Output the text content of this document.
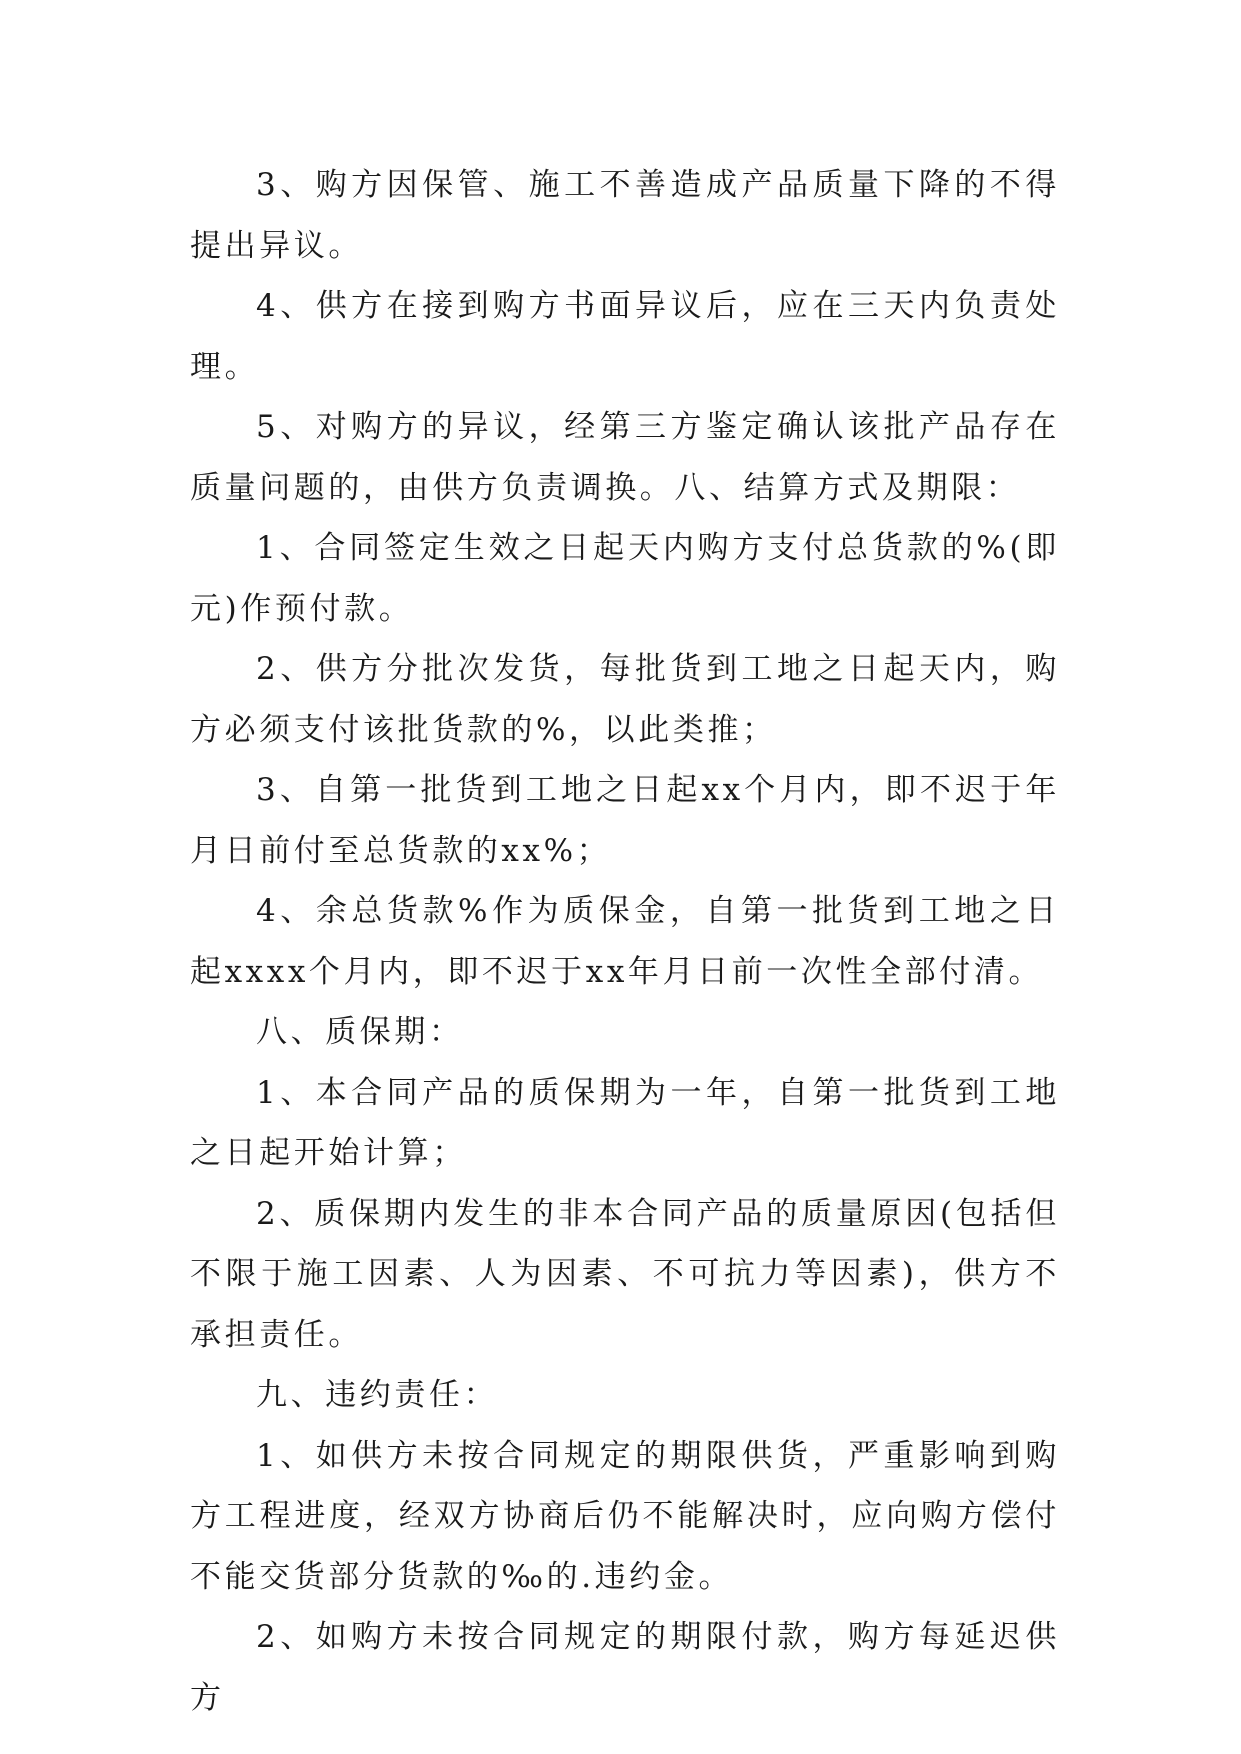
3、购方因保管、施工不善造成产品质量下降的不得提出异议。

4、供方在接到购方书面异议后，应在三天内负责处理。

5、对购方的异议，经第三方鉴定确认该批产品存在质量问题的，由供方负责调换。八、结算方式及期限：

1、合同签定生效之日起天内购方支付总货款的%(即元)作预付款。

2、供方分批次发货，每批货到工地之日起天内，购方必须支付该批货款的%，以此类推；

3、自第一批货到工地之日起xx个月内，即不迟于年月日前付至总货款的xx%；

4、余总货款%作为质保金，自第一批货到工地之日起xxxx个月内，即不迟于xx年月日前一次性全部付清。

八、质保期：

1、本合同产品的质保期为一年，自第一批货到工地之日起开始计算；

2、质保期内发生的非本合同产品的质量原因(包括但不限于施工因素、人为因素、不可抗力等因素)，供方不承担责任。

九、违约责任：

1、如供方未按合同规定的期限供货，严重影响到购方工程进度，经双方协商后仍不能解决时，应向购方偿付不能交货部分货款的‰的.违约金。

2、如购方未按合同规定的期限付款，购方每延迟供方
